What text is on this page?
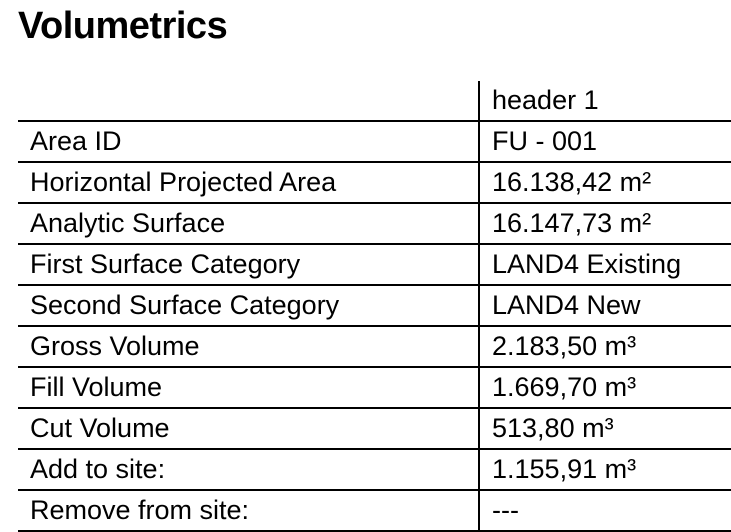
Volumetrics
	header 1
Area ID	FU - 001
Horizontal Projected Area	16.138,42 m²
Analytic Surface	16.147,73 m²
First Surface Category	LAND4 Existing
Second Surface Category	LAND4 New
Gross Volume	2.183,50 m³
Fill Volume	1.669,70 m³
Cut Volume	513,80 m³
Add to site:	1.155,91 m³
Remove from site:	---
